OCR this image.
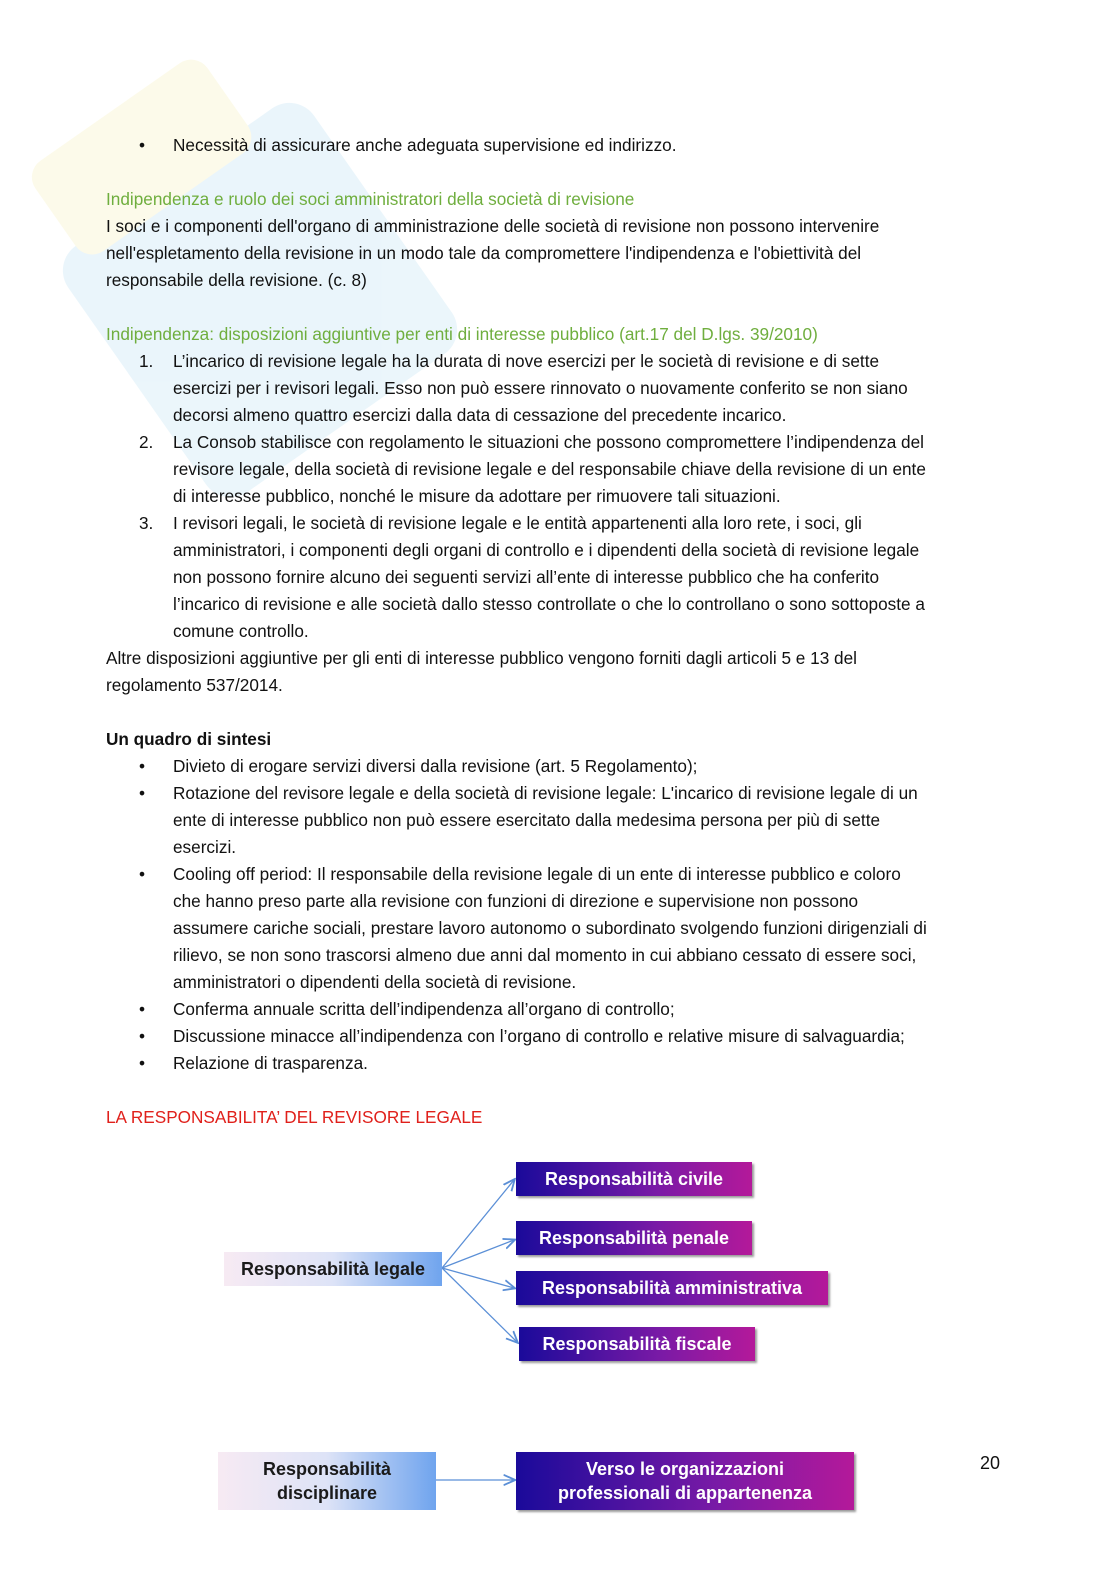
• Necessità di assicurare anche adeguata supervisione ed indirizzo.

Indipendenza e ruolo dei soci amministratori della società di revisione

I soci e i componenti dell'organo di amministrazione delle società di revisione non possono intervenire

nell'espletamento della revisione in un modo tale da compromettere l'indipendenza e l'obiettività del

responsabile della revisione. (c. 8)

Indipendenza: disposizioni aggiuntive per enti di interesse pubblico (art.17 del D.lgs. 39/2010)

1. L’incarico di revisione legale ha la durata di nove esercizi per le società di revisione e di sette
esercizi per i revisori legali. Esso non può essere rinnovato o nuovamente conferito se non siano
decorsi almeno quattro esercizi dalla data di cessazione del precedente incarico.
2. La Consob stabilisce con regolamento le situazioni che possono compromettere l’indipendenza del
revisore legale, della società di revisione legale e del responsabile chiave della revisione di un ente
di interesse pubblico, nonché le misure da adottare per rimuovere tali situazioni.
3. I revisori legali, le società di revisione legale e le entità appartenenti alla loro rete, i soci, gli
amministratori, i componenti degli organi di controllo e i dipendenti della società di revisione legale
non possono fornire alcuno dei seguenti servizi all’ente di interesse pubblico che ha conferito
l’incarico di revisione e alle società dallo stesso controllate o che lo controllano o sono sottoposte a
comune controllo.

Altre disposizioni aggiuntive per gli enti di interesse pubblico vengono forniti dagli articoli 5 e 13 del

regolamento 537/2014.

Un quadro di sintesi

• Divieto di erogare servizi diversi dalla revisione (art. 5 Regolamento);
• Rotazione del revisore legale e della società di revisione legale: L'incarico di revisione legale di un
ente di interesse pubblico non può essere esercitato dalla medesima persona per più di sette
esercizi.
• Cooling off period: Il responsabile della revisione legale di un ente di interesse pubblico e coloro
che hanno preso parte alla revisione con funzioni di direzione e supervisione non possono
assumere cariche sociali, prestare lavoro autonomo o subordinato svolgendo funzioni dirigenziali di
rilievo, se non sono trascorsi almeno due anni dal momento in cui abbiano cessato di essere soci,
amministratori o dipendenti della società di revisione.
• Conferma annuale scritta dell’indipendenza all’organo di controllo;
• Discussione minacce all’indipendenza con l’organo di controllo e relative misure di salvaguardia;
• Relazione di trasparenza.

LA RESPONSABILITA’ DEL REVISORE LEGALE

Responsabilità legale
Responsabilità civile
Responsabilità penale
Responsabilità amministrativa
Responsabilità fiscale
Responsabilità
disciplinare
Verso le organizzazioni
professionali di appartenenza
20
